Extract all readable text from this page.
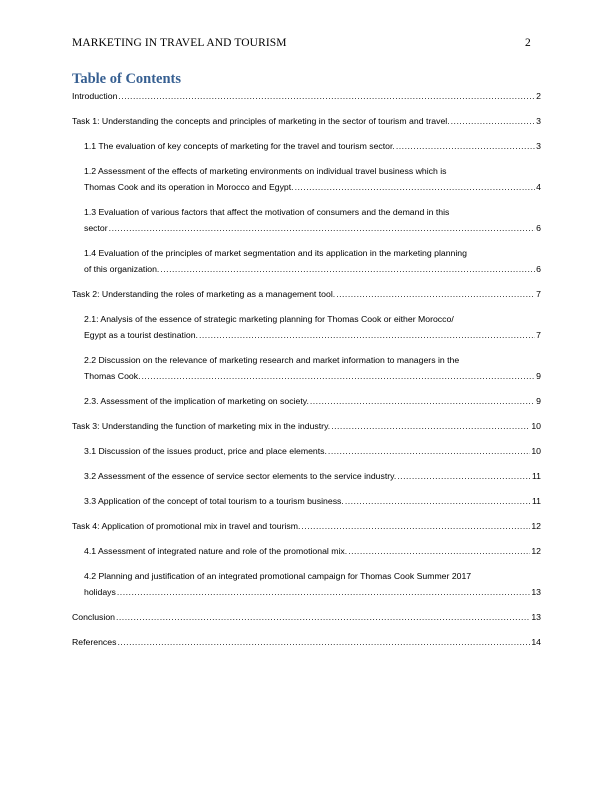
MARKETING IN TRAVEL AND TOURISM	2
Table of Contents
Introduction .....	2
Task 1: Understanding the concepts and principles of marketing in the sector of tourism and travel. .....	3
1.1 The evaluation of key concepts of marketing for the travel and tourism sector. .....	3
1.2 Assessment of the effects of marketing environments on individual travel business which is
Thomas Cook and its operation in Morocco and Egypt. .....	4
1.3 Evaluation of various factors that affect the motivation of consumers and the demand in this
sector .....	6
1.4 Evaluation of the principles of market segmentation and its application in the marketing planning
of this organization. .....	6
Task 2: Understanding the roles of marketing as a management tool. .....	7
2.1: Analysis of the essence of strategic marketing planning for Thomas Cook or either Morocco/
Egypt as a tourist destination. .....	7
2.2 Discussion on the relevance of marketing research and market information to managers in the
Thomas Cook. .....	9
2.3. Assessment of the implication of marketing on society. .....	9
Task 3: Understanding the function of marketing mix in the industry. .....	10
3.1 Discussion of the issues product, price and place elements. .....	10
3.2 Assessment of the essence of service sector elements to the service industry. .....	11
3.3 Application of the concept of total tourism to a tourism business. .....	11
Task 4: Application of promotional mix in travel and tourism. .....	12
4.1 Assessment of integrated nature and role of the promotional mix. .....	12
4.2 Planning and justification of an integrated promotional campaign for Thomas Cook Summer 2017
holidays .....	13
Conclusion .....	13
References .....	14
